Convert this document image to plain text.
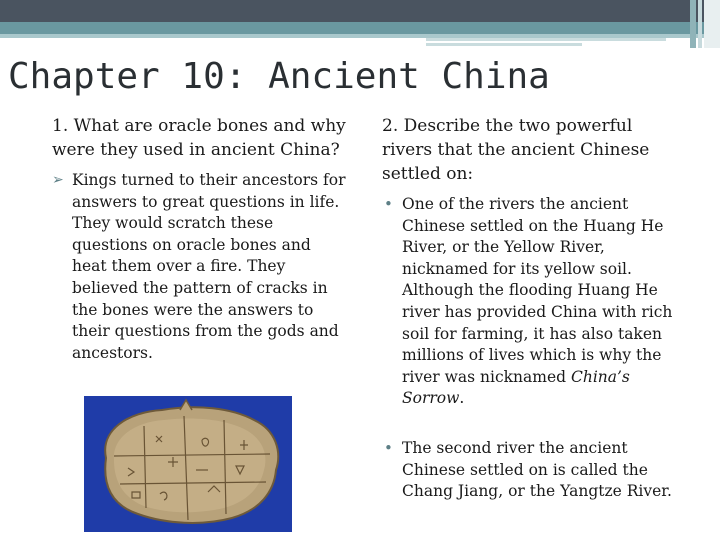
Chapter 10: Ancient China

1. What are oracle bones and why were they used in ancient China?

➢ Kings turned to their ancestors for answers to great questions in life. They would scratch these questions on oracle bones and heat them over a fire. They believed the pattern of cracks in the bones were the answers to their questions from the gods and ancestors.

2. Describe the two powerful rivers that the ancient Chinese settled on:

• One of the rivers the ancient Chinese settled on the Huang He River, or the Yellow River, nicknamed for its yellow soil. Although the flooding Huang He river has provided China with rich soil for farming, it has also taken millions of lives which is why the river was nicknamed China’s Sorrow.

• The second river the ancient Chinese settled on is called the Chang Jiang, or the Yangtze River.
